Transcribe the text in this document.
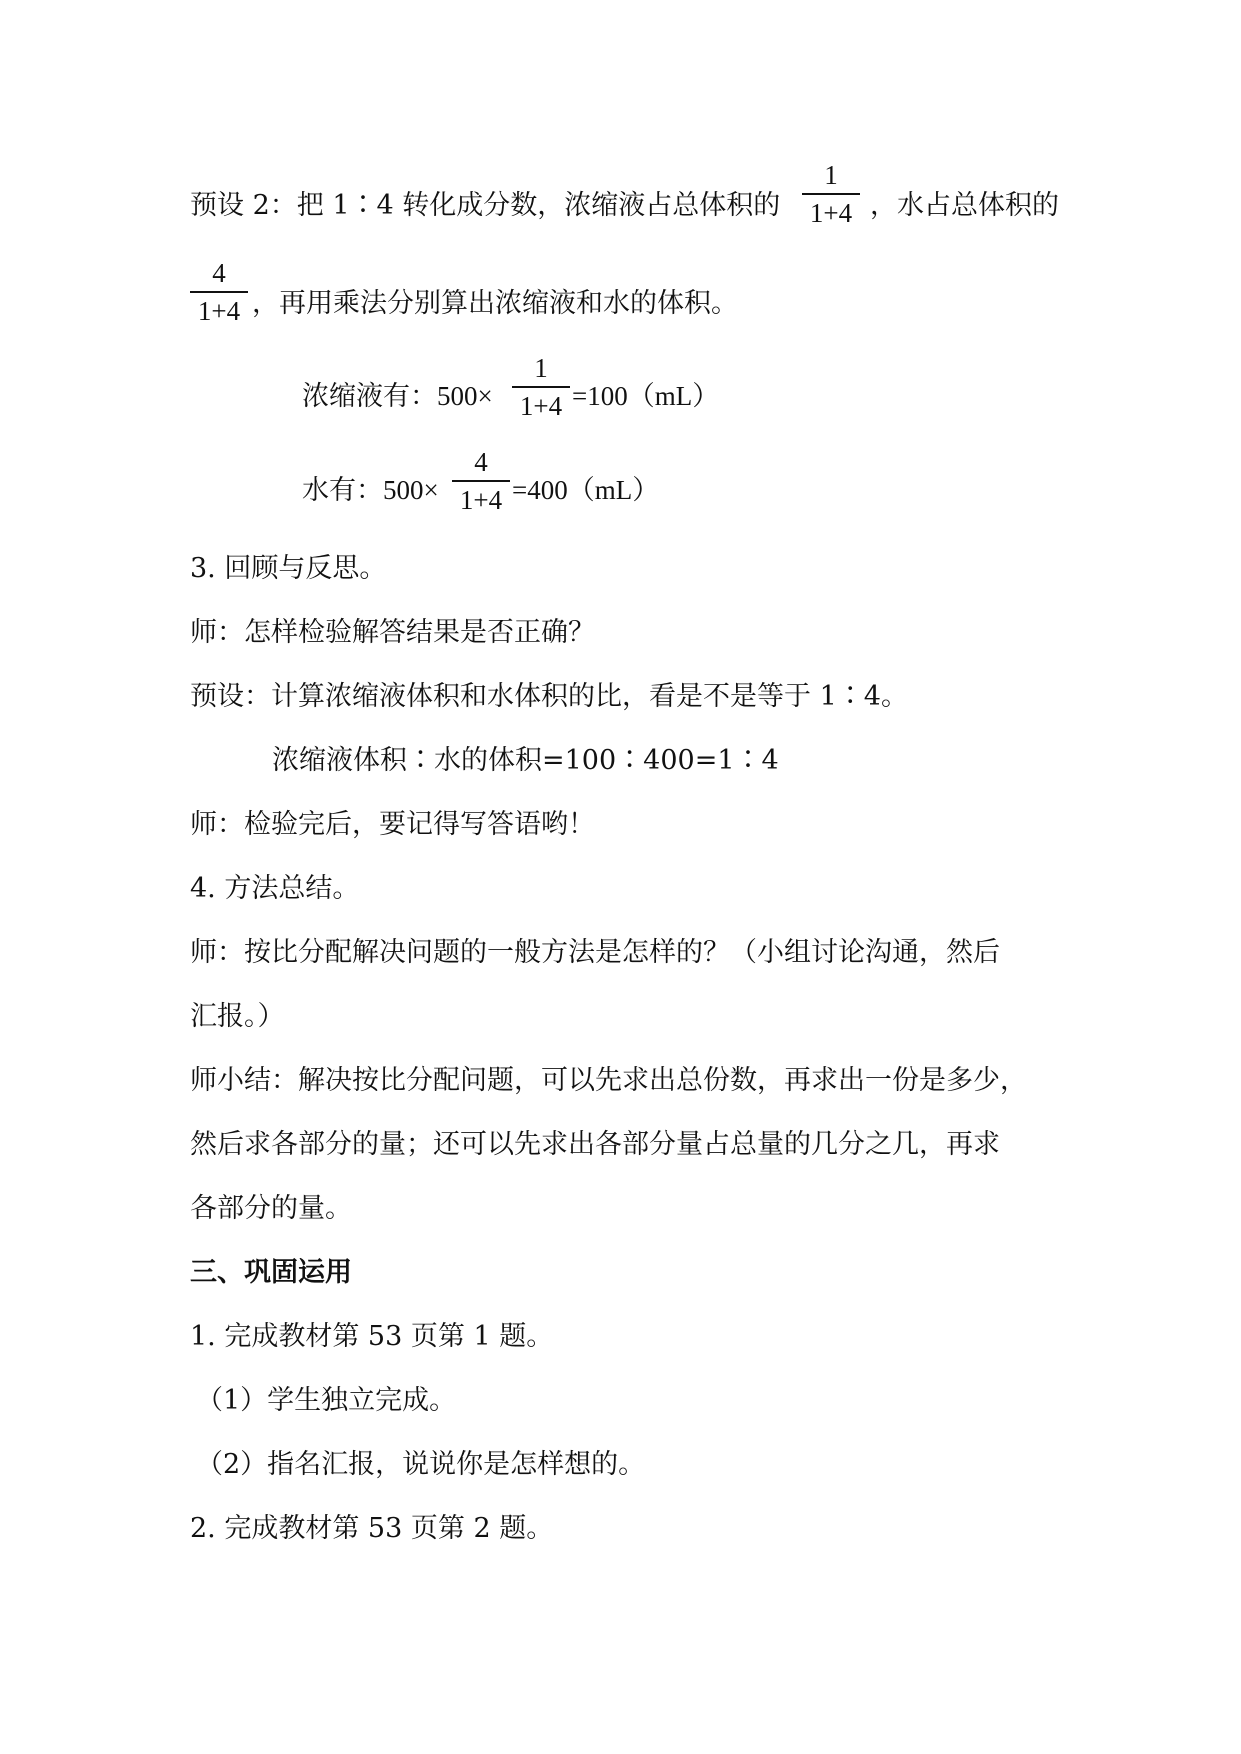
预设 2：把 1∶4 转化成分数，浓缩液占总体积的
1
1+4 ，水占总体积的
4
1+4 ，再用乘法分别算出浓缩液和水的体积。
浓缩液有：500×
1
1+4 =100（mL）
水有：500×
4
1+4 =400（mL）
3. 回顾与反思。
师：怎样检验解答结果是否正确？
预设：计算浓缩液体积和水体积的比，看是不是等于 1∶4。
浓缩液体积∶水的体积=100∶400=1∶4
师：检验完后，要记得写答语哟！
4. 方法总结。
师：按比分配解决问题的一般方法是怎样的？（小组讨论沟通，然后
汇报。）
师小结：解决按比分配问题，可以先求出总份数，再求出一份是多少，
然后求各部分的量；还可以先求出各部分量占总量的几分之几，再求
各部分的量。
三、巩固运用
1. 完成教材第 53 页第 1 题。
（1）学生独立完成。
（2）指名汇报，说说你是怎样想的。
2. 完成教材第 53 页第 2 题。
